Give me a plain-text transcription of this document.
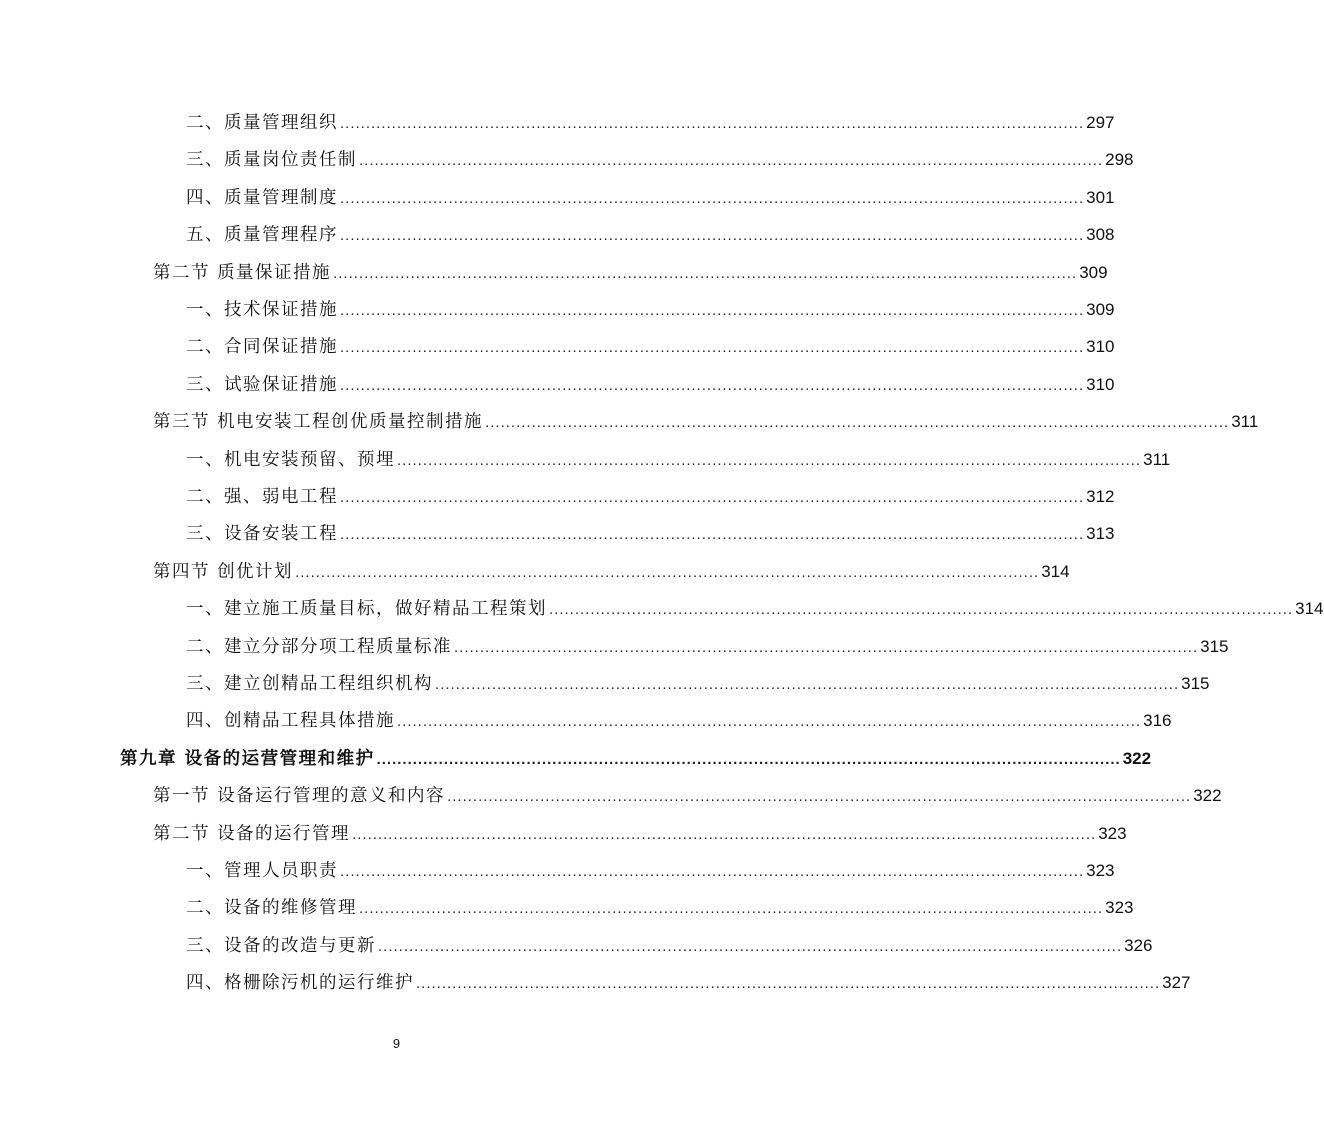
二、质量管理组织 ................................................................................................................................................ 297
三、质量岗位责任制 ................................................................................................................................................ 298
四、质量管理制度 ................................................................................................................................................ 301
五、质量管理程序 ................................................................................................................................................ 308
第二节 质量保证措施 ................................................................................................................................................ 309
一、技术保证措施 ................................................................................................................................................ 309
二、合同保证措施 ................................................................................................................................................ 310
三、试验保证措施 ................................................................................................................................................ 310
第三节 机电安装工程创优质量控制措施 ................................................................................................................................................ 311
一、机电安装预留、预埋 ................................................................................................................................................ 311
二、强、弱电工程 ................................................................................................................................................ 312
三、设备安装工程 ................................................................................................................................................ 313
第四节 创优计划 ................................................................................................................................................ 314
一、建立施工质量目标，做好精品工程策划 ................................................................................................................................................ 314
二、建立分部分项工程质量标准 ................................................................................................................................................ 315
三、建立创精品工程组织机构 ................................................................................................................................................ 315
四、创精品工程具体措施 ................................................................................................................................................ 316
第九章 设备的运营管理和维护 ................................................................................................................................................ 322
第一节 设备运行管理的意义和内容 ................................................................................................................................................ 322
第二节 设备的运行管理 ................................................................................................................................................ 323
一、管理人员职责 ................................................................................................................................................ 323
二、设备的维修管理 ................................................................................................................................................ 323
三、设备的改造与更新 ................................................................................................................................................ 326
四、格栅除污机的运行维护 ................................................................................................................................................ 327
9
